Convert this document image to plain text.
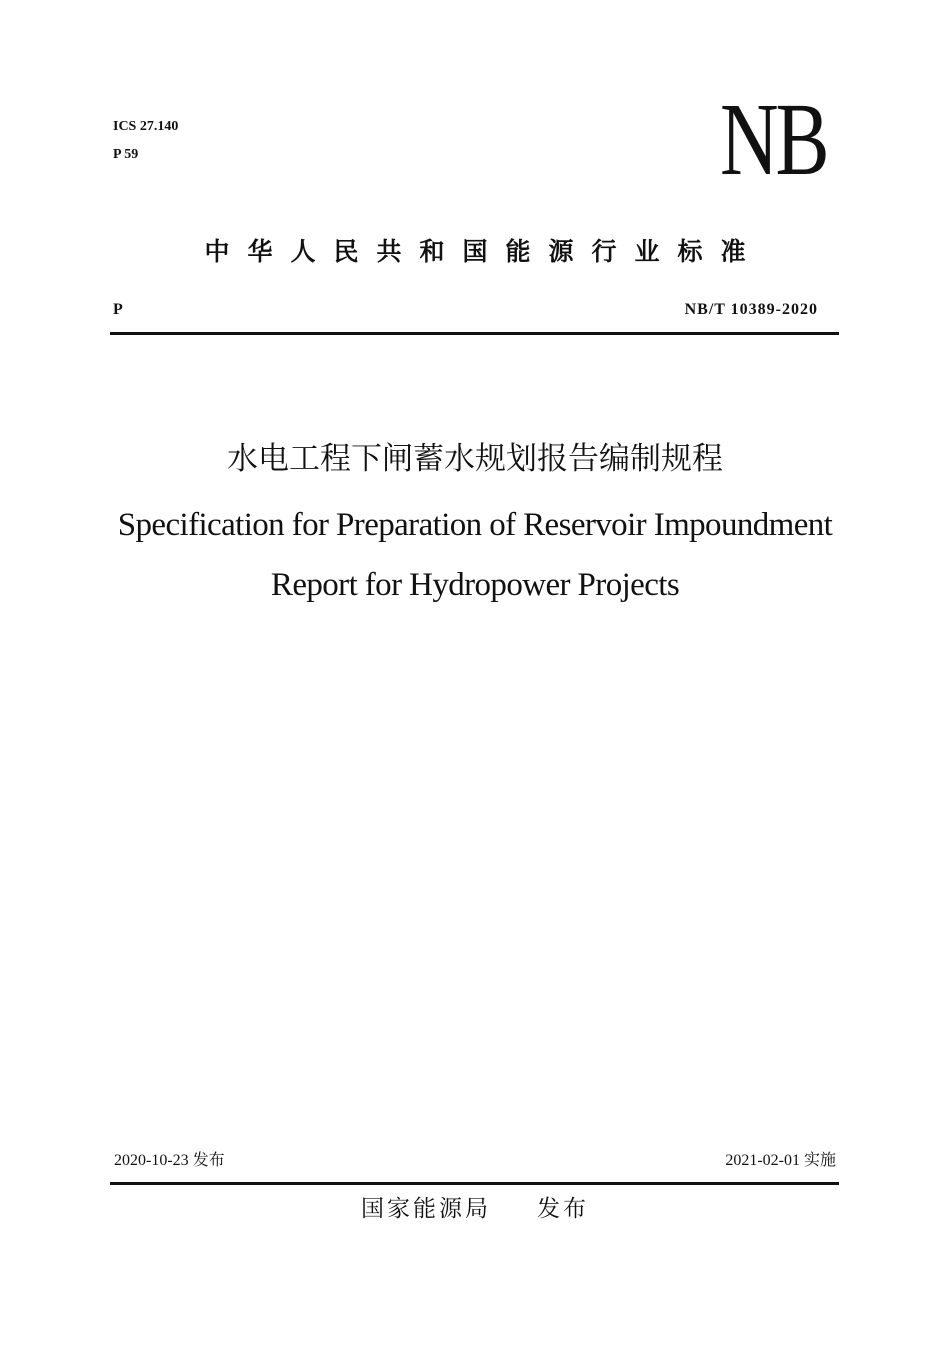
ICS 27.140
P 59	NB
中华人民共和国能源行业标准
P	NB/T 10389-2020
水电工程下闸蓄水规划报告编制规程
Specification for Preparation of Reservoir Impoundment
Report for Hydropower Projects
2020-10-23 发布	2021-02-01 实施
国家能源局 发布
